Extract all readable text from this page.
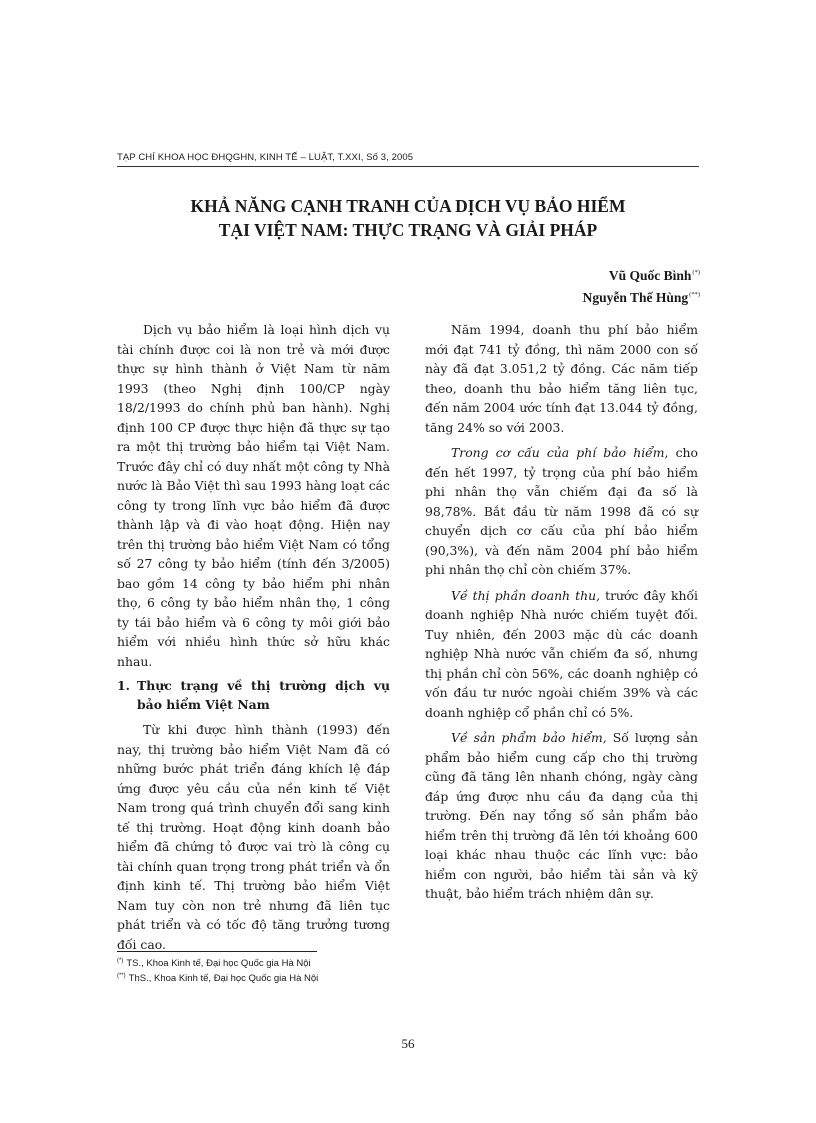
TẠP CHÍ KHOA HỌC ĐHQGHN, KINH TẾ – LUẬT, T.XXI, Số 3, 2005
KHẢ NĂNG CẠNH TRANH CỦA DỊCH VỤ BẢO HIỂM
TẠI VIỆT NAM: THỰC TRẠNG VÀ GIẢI PHÁP
Vũ Quốc Bình(*)
Nguyễn Thế Hùng(**)

Dịch vụ bảo hiểm là loại hình dịch vụ tài chính được coi là non trẻ và mới được thực sự hình thành ở Việt Nam từ năm 1993 (theo Nghị định 100/CP ngày 18/2/1993 do chính phủ ban hành). Nghị định 100 CP được thực hiện đã thực sự tạo ra một thị trường bảo hiểm tại Việt Nam. Trước đây chỉ có duy nhất một công ty Nhà nước là Bảo Việt thì sau 1993 hàng loạt các công ty trong lĩnh vực bảo hiểm đã được thành lập và đi vào hoạt động. Hiện nay trên thị trường bảo hiểm Việt Nam có tổng số 27 công ty bảo hiểm (tính đến 3/2005) bao gồm 14 công ty bảo hiểm phi nhân thọ, 6 công ty bảo hiểm nhân thọ, 1 công ty tái bảo hiểm và 6 công ty môi giới bảo hiểm với nhiều hình thức sở hữu khác nhau.

1. Thực trạng về thị trường dịch vụ bảo hiểm Việt Nam

Từ khi được hình thành (1993) đến nay, thị trường bảo hiểm Việt Nam đã có những bước phát triển đáng khích lệ đáp ứng được yêu cầu của nền kinh tế Việt Nam trong quá trình chuyển đổi sang kinh tế thị trường. Hoạt động kinh doanh bảo hiểm đã chứng tỏ được vai trò là công cụ tài chính quan trọng trong phát triển và ổn định kinh tế. Thị trường bảo hiểm Việt Nam tuy còn non trẻ nhưng đã liên tục phát triển và có tốc độ tăng trưởng tương đối cao.

Năm 1994, doanh thu phí bảo hiểm mới đạt 741 tỷ đồng, thì năm 2000 con số này đã đạt 3.051,2 tỷ đồng. Các năm tiếp theo, doanh thu bảo hiểm tăng liên tục, đến năm 2004 ước tính đạt 13.044 tỷ đồng, tăng 24% so với 2003.

Trong cơ cấu của phí bảo hiểm, cho đến hết 1997, tỷ trọng của phí bảo hiểm phi nhân thọ vẫn chiếm đại đa số là 98,78%. Bắt đầu từ năm 1998 đã có sự chuyển dịch cơ cấu của phí bảo hiểm (90,3%), và đến năm 2004 phí bảo hiểm phi nhân thọ chỉ còn chiếm 37%.

Về thị phần doanh thu, trước đây khối doanh nghiệp Nhà nước chiếm tuyệt đối. Tuy nhiên, đến 2003 mặc dù các doanh nghiệp Nhà nước vẫn chiếm đa số, nhưng thị phần chỉ còn 56%, các doanh nghiệp có vốn đầu tư nước ngoài chiếm 39% và các doanh nghiệp cổ phần chỉ có 5%.

Về sản phẩm bảo hiểm, Số lượng sản phẩm bảo hiểm cung cấp cho thị trường cũng đã tăng lên nhanh chóng, ngày càng đáp ứng được nhu cầu đa dạng của thị trường. Đến nay tổng số sản phẩm bảo hiểm trên thị trường đã lên tới khoảng 600 loại khác nhau thuộc các lĩnh vực: bảo hiểm con người, bảo hiểm tài sản và kỹ thuật, bảo hiểm trách nhiệm dân sự.

(*) TS., Khoa Kinh tế, Đại học Quốc gia Hà Nội
(**) ThS., Khoa Kinh tế, Đại học Quốc gia Hà Nội
56
